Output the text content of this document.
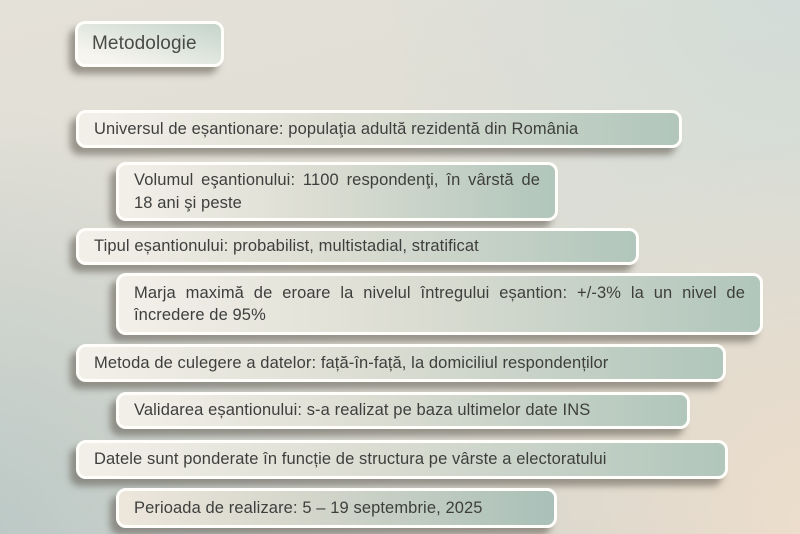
Metodologie
Universul de eșantionare: populaţia adultă rezidentă din România
Volumul eşantionului: 1100 respondenţi, în vârstă de 18 ani şi peste
Tipul eșantionului: probabilist, multistadial, stratificat
Marja maximă de eroare la nivelul întregului eșantion: +/-3% la un nivel de încredere de 95%
Metoda de culegere a datelor: față-în-față, la domiciliul respondenților
Validarea eșantionului: s-a realizat pe baza ultimelor date INS
Datele sunt ponderate în funcție de structura pe vârste a electoratului
Perioada de realizare: 5 – 19 septembrie, 2025
